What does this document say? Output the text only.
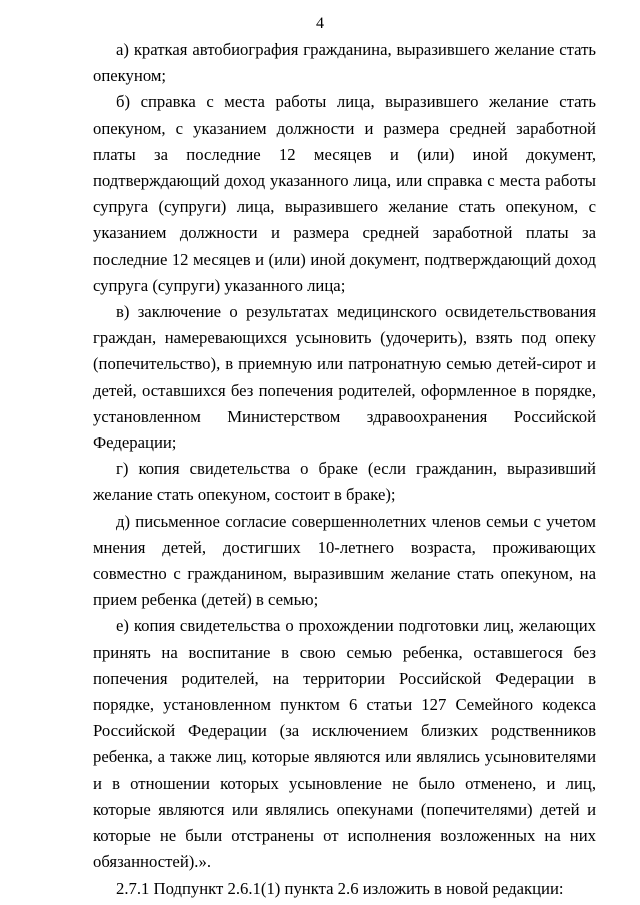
4

а) краткая автобиография гражданина, выразившего желание стать опекуном;

б) справка с места работы лица, выразившего желание стать опекуном, с указанием должности и размера средней заработной платы за последние 12 месяцев и (или) иной документ, подтверждающий доход указанного лица, или справка с места работы супруга (супруги) лица, выразившего желание стать опекуном, с указанием должности и размера средней заработной платы за последние 12 месяцев и (или) иной документ, подтверждающий доход супруга (супруги) указанного лица;

в) заключение о результатах медицинского освидетельствования граждан, намеревающихся усыновить (удочерить), взять под опеку (попечительство), в приемную или патронатную семью детей-сирот и детей, оставшихся без попечения родителей, оформленное в порядке, установленном Министерством здравоохранения Российской Федерации;

г) копия свидетельства о браке (если гражданин, выразивший желание стать опекуном, состоит в браке);

д) письменное согласие совершеннолетних членов семьи с учетом мнения детей, достигших 10-летнего возраста, проживающих совместно с гражданином, выразившим желание стать опекуном, на прием ребенка (детей) в семью;

е) копия свидетельства о прохождении подготовки лиц, желающих принять на воспитание в свою семью ребенка, оставшегося без попечения родителей, на территории Российской Федерации в порядке, установленном пунктом 6 статьи 127 Семейного кодекса Российской Федерации (за исключением близких родственников ребенка, а также лиц, которые являются или являлись усыновителями и в отношении которых усыновление не было отменено, и лиц, которые являются или являлись опекунами (попечителями) детей и которые не были отстранены от исполнения возложенных на них обязанностей).».

2.7.1 Подпункт 2.6.1(1) пункта 2.6 изложить в новой редакции:
